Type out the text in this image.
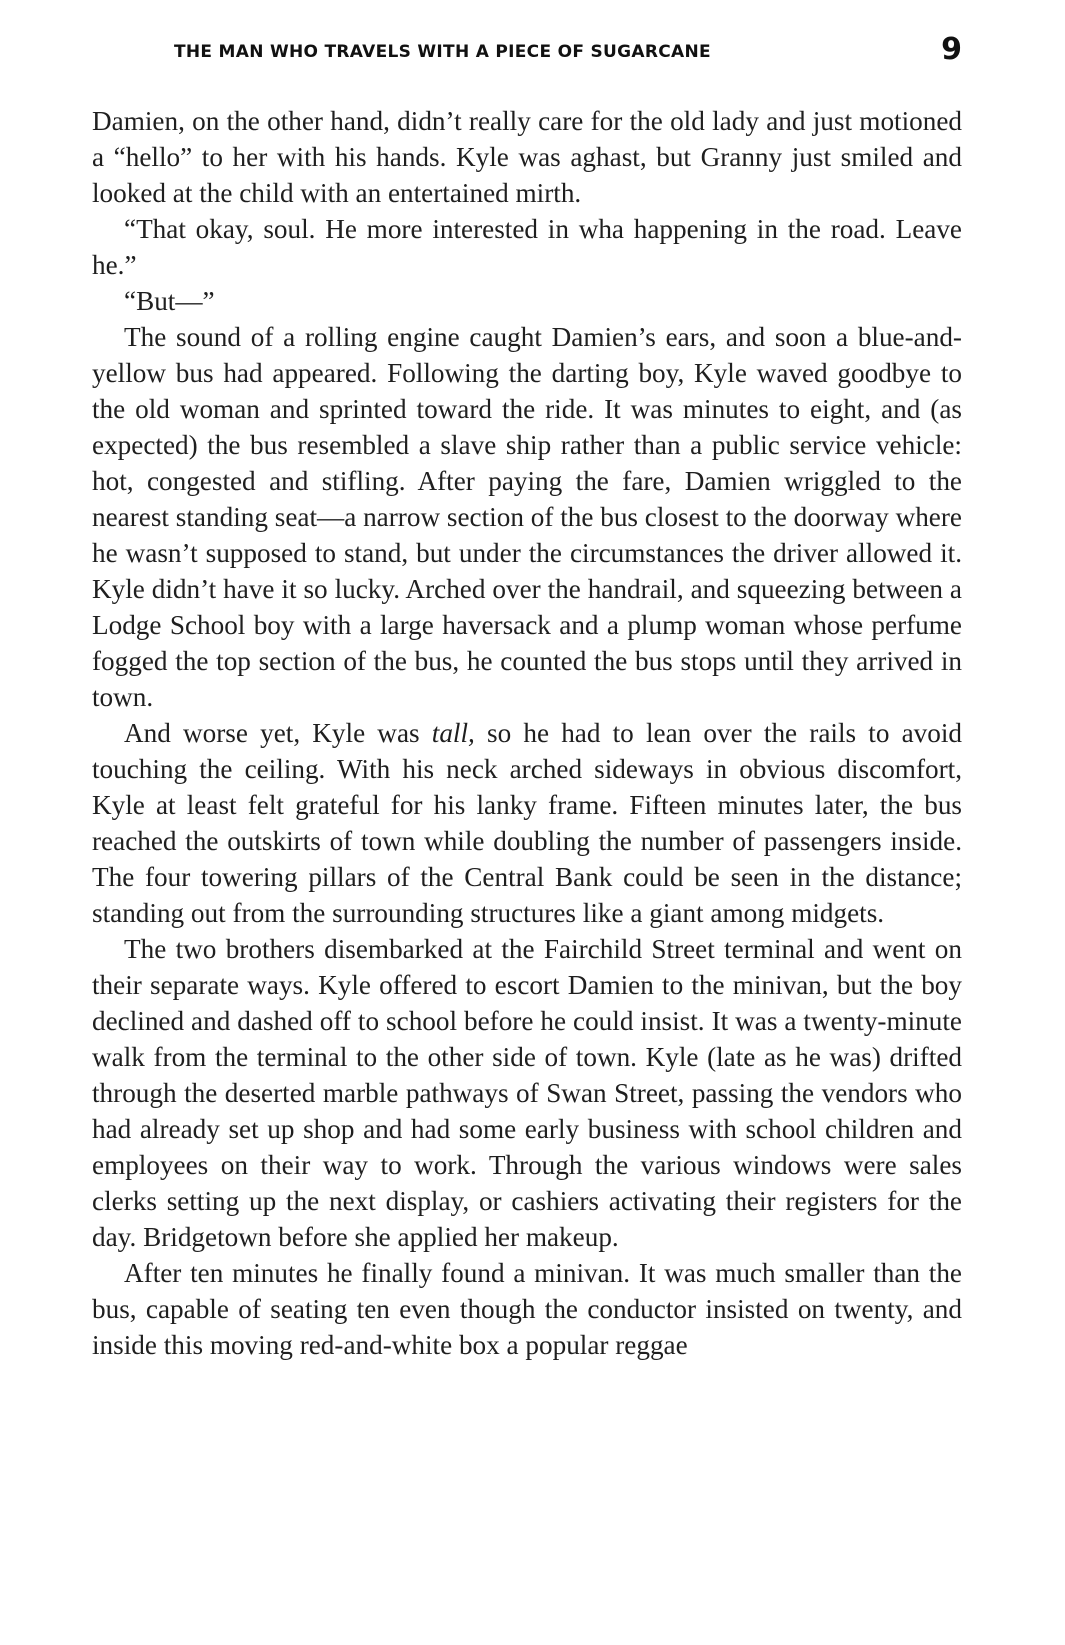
THE MAN WHO TRAVELS WITH A PIECE OF SUGARCANE	9

Damien, on the other hand, didn’t really care for the old lady and just motioned a “hello” to her with his hands. Kyle was aghast, but Granny just smiled and looked at the child with an entertained mirth.

“That okay, soul. He more interested in wha happening in the road. Leave he.”

“But—”

The sound of a rolling engine caught Damien’s ears, and soon a blue-and-yellow bus had appeared. Following the darting boy, Kyle waved goodbye to the old woman and sprinted toward the ride. It was minutes to eight, and (as expected) the bus resembled a slave ship rather than a public service vehicle: hot, congested and stifling. After paying the fare, Damien wriggled to the nearest standing seat—a narrow section of the bus closest to the doorway where he wasn’t supposed to stand, but under the circumstances the driver allowed it. Kyle didn’t have it so lucky. Arched over the handrail, and squeezing between a Lodge School boy with a large haversack and a plump woman whose perfume fogged the top section of the bus, he counted the bus stops until they arrived in town.

And worse yet, Kyle was tall, so he had to lean over the rails to avoid touching the ceiling. With his neck arched sideways in obvious discomfort, Kyle at least felt grateful for his lanky frame. Fifteen minutes later, the bus reached the outskirts of town while doubling the number of passengers inside. The four towering pillars of the Central Bank could be seen in the distance; standing out from the surrounding structures like a giant among midgets.

The two brothers disembarked at the Fairchild Street terminal and went on their separate ways. Kyle offered to escort Damien to the minivan, but the boy declined and dashed off to school before he could insist. It was a twenty-minute walk from the terminal to the other side of town. Kyle (late as he was) drifted through the deserted marble pathways of Swan Street, passing the vendors who had already set up shop and had some early business with school children and employees on their way to work. Through the various windows were sales clerks setting up the next display, or cashiers activating their registers for the day. Bridgetown before she applied her makeup.

After ten minutes he finally found a minivan. It was much smaller than the bus, capable of seating ten even though the conductor insisted on twenty, and inside this moving red-and-white box a popular reggae
